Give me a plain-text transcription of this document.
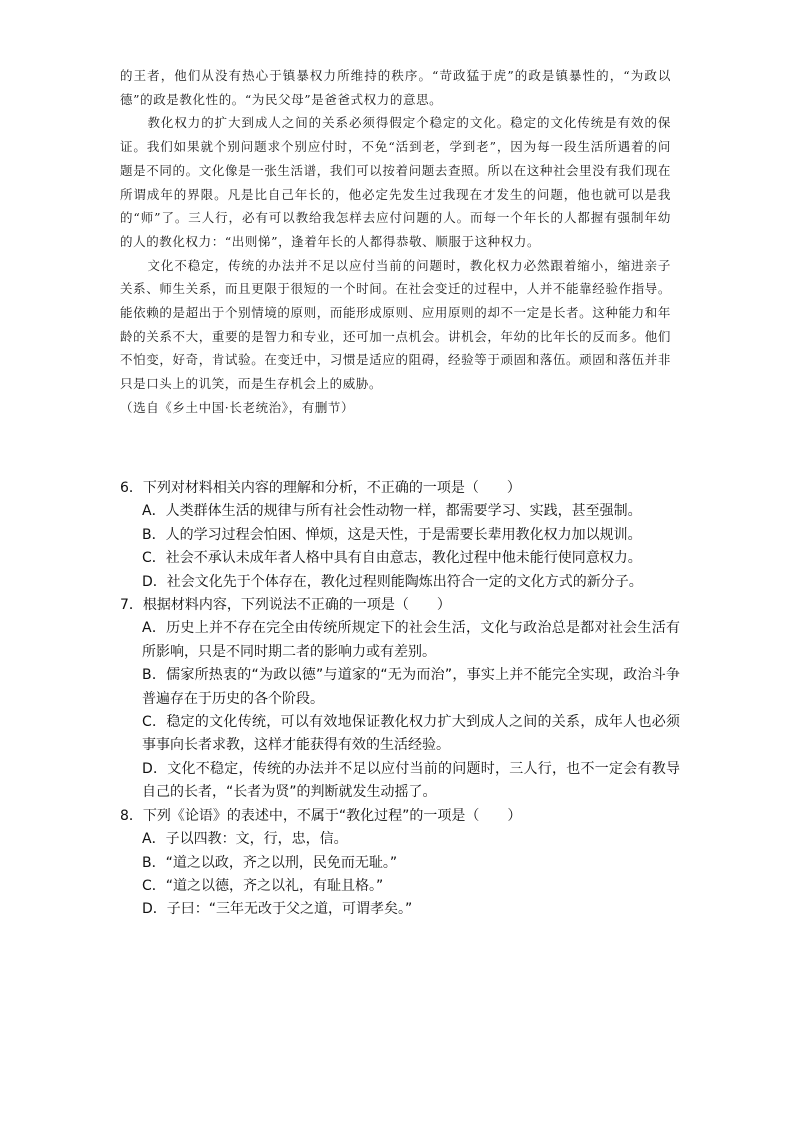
的王者，他们从没有热心于镇暴权力所维持的秩序。“苛政猛于虎”的政是镇暴性的，“为政以德”的政是教化性的。“为民父母”是爸爸式权力的意思。

教化权力的扩大到成人之间的关系必须得假定个稳定的文化。稳定的文化传统是有效的保证。我们如果就个别问题求个别应付时，不免“活到老，学到老”，因为每一段生活所遇着的问题是不同的。文化像是一张生活谱，我们可以按着问题去查照。所以在这种社会里没有我们现在所谓成年的界限。凡是比自己年长的，他必定先发生过我现在才发生的问题，他也就可以是我的“师”了。三人行，必有可以教给我怎样去应付问题的人。而每一个年长的人都握有强制年幼的人的教化权力：“出则悌”，逢着年长的人都得恭敬、顺服于这种权力。

文化不稳定，传统的办法并不足以应付当前的问题时，教化权力必然跟着缩小，缩进亲子关系、师生关系，而且更限于很短的一个时间。在社会变迁的过程中，人并不能靠经验作指导。能依赖的是超出于个别情境的原则，而能形成原则、应用原则的却不一定是长者。这种能力和年龄的关系不大，重要的是智力和专业，还可加一点机会。讲机会，年幼的比年长的反而多。他们不怕变，好奇，肯试验。在变迁中，习惯是适应的阻碍，经验等于顽固和落伍。顽固和落伍并非只是口头上的讥笑，而是生存机会上的威胁。

（选自《乡土中国·长老统治》，有删节）

6．下列对材料相关内容的理解和分析，不正确的一项是（　　）

A．人类群体生活的规律与所有社会性动物一样，都需要学习、实践，甚至强制。

B．人的学习过程会怕困、惮烦，这是天性，于是需要长辈用教化权力加以规训。

C．社会不承认未成年者人格中具有自由意志，教化过程中他未能行使同意权力。

D．社会文化先于个体存在，教化过程则能陶炼出符合一定的文化方式的新分子。

7．根据材料内容，下列说法不正确的一项是（　　）

A．历史上并不存在完全由传统所规定下的社会生活，文化与政治总是都对社会生活有所影响，只是不同时期二者的影响力或有差别。

B．儒家所热衷的“为政以德”与道家的“无为而治”，事实上并不能完全实现，政治斗争普遍存在于历史的各个阶段。

C．稳定的文化传统，可以有效地保证教化权力扩大到成人之间的关系，成年人也必须事事向长者求教，这样才能获得有效的生活经验。

D．文化不稳定，传统的办法并不足以应付当前的问题时，三人行，也不一定会有教导自己的长者，“长者为贤”的判断就发生动摇了。

8．下列《论语》的表述中，不属于“教化过程”的一项是（　　）

A．子以四教：文，行，忠，信。

B．“道之以政，齐之以刑，民免而无耻。”

C．“道之以德，齐之以礼，有耻且格。”

D．子曰：“三年无改于父之道，可谓孝矣。”
